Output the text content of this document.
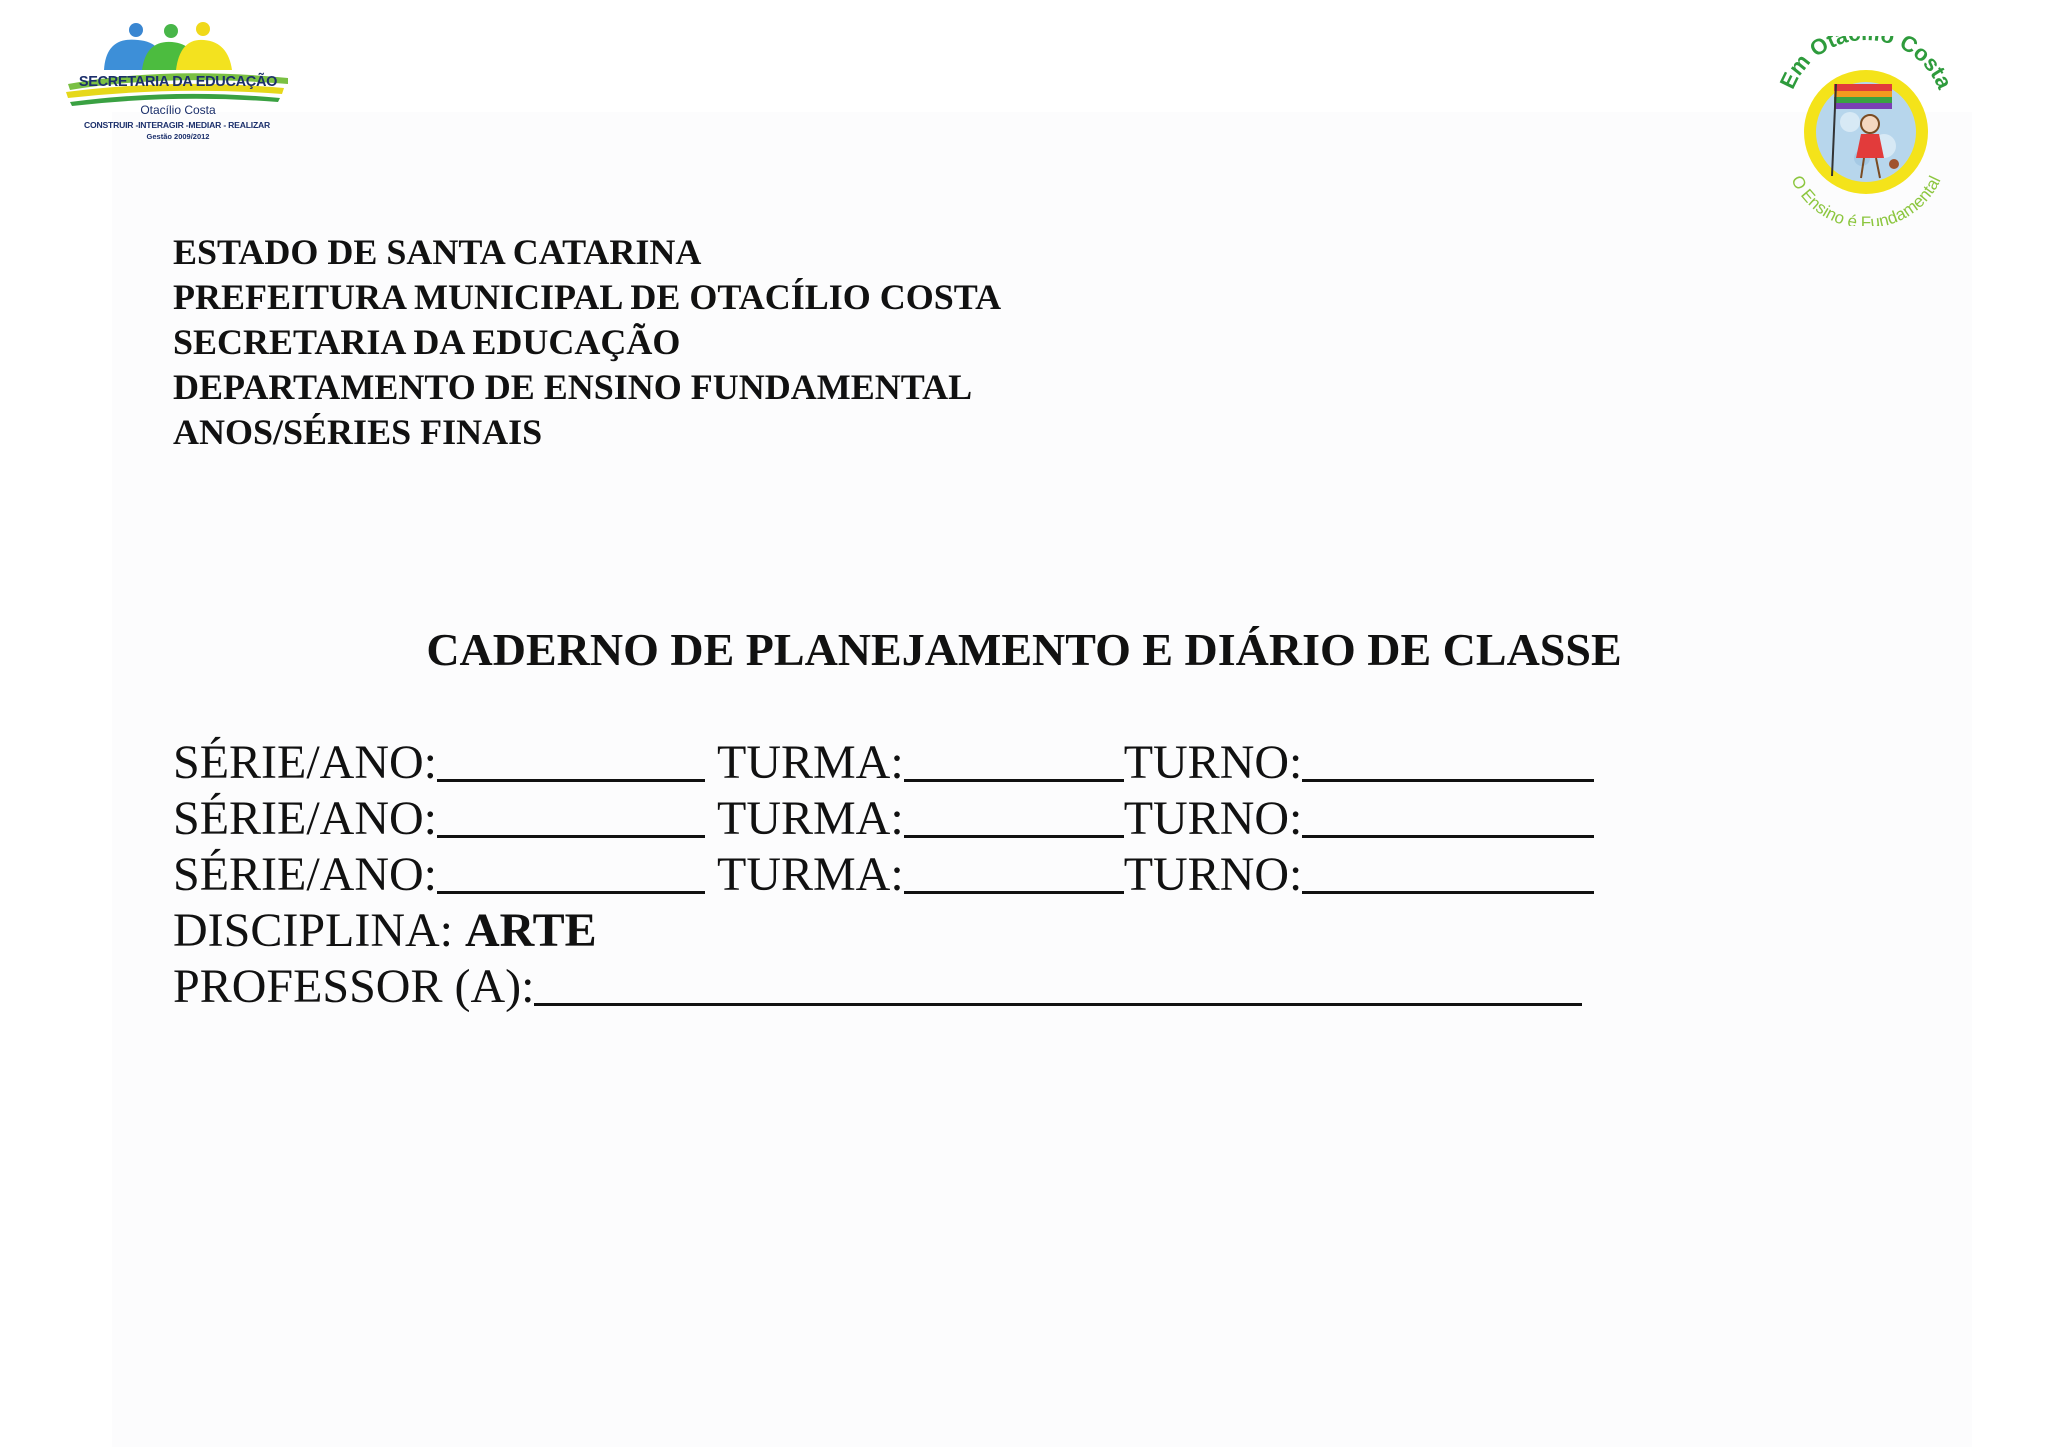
SECRETARIA DA EDUCAÇÃO
Otacílio Costa
CONSTRUIR -INTERAGIR -MEDIAR - REALIZAR
Gestão 2009/2012
Em Ota Costa
O Ensino é Fundamental
ESTADO DE SANTA CATARINA
PREFEITURA MUNICIPAL DE OTACÍLIO COSTA
SECRETARIA DA EDUCAÇÃO
DEPARTAMENTO DE ENSINO FUNDAMENTAL
ANOS/SÉRIES FINAIS
CADERNO DE PLANEJAMENTO E DIÁRIO DE CLASSE
SÉRIE/ANO:	TURMA:	TURNO:
SÉRIE/ANO:	TURMA:	TURNO:
SÉRIE/ANO:	TURMA:	TURNO:
DISCIPLINA: ARTE
PROFESSOR (A):
